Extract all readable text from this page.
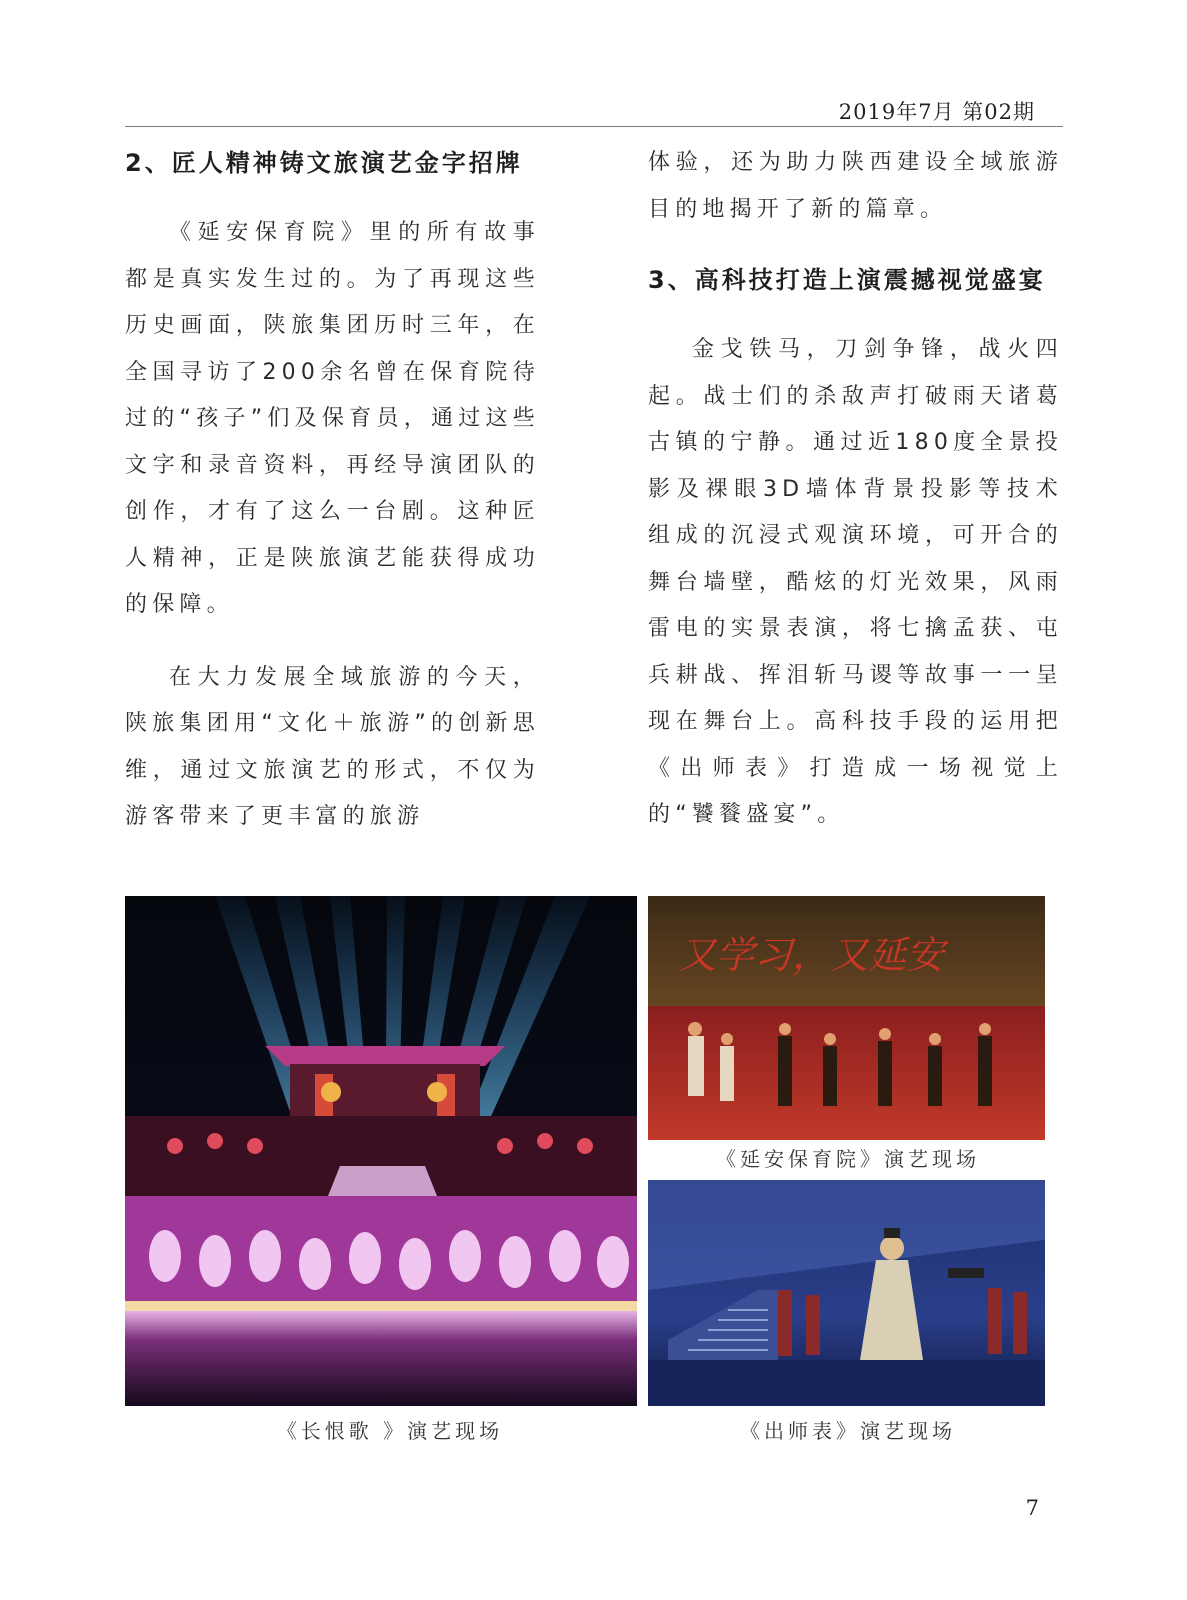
2019年7月 第02期
2、匠人精神铸文旅演艺金字招牌

《延安保育院》里的所有故事都是真实发生过的。为了再现这些历史画面，陕旅集团历时三年，在全国寻访了200余名曾在保育院待过的“孩子”们及保育员，通过这些文字和录音资料，再经导演团队的创作，才有了这么一台剧。这种匠人精神，正是陕旅演艺能获得成功的保障。

在大力发展全域旅游的今天，陕旅集团用“文化＋旅游”的创新思维，通过文旅演艺的形式，不仅为游客带来了更丰富的旅游

体验，还为助力陕西建设全域旅游目的地揭开了新的篇章。

3、高科技打造上演震撼视觉盛宴

金戈铁马，刀剑争锋，战火四起。战士们的杀敌声打破雨天诸葛古镇的宁静。通过近180度全景投影及裸眼3D墙体背景投影等技术组成的沉浸式观演环境，可开合的舞台墙壁，酷炫的灯光效果，风雨雷电的实景表演，将七擒孟获、屯兵耕战、挥泪斩马谡等故事一一呈现在舞台上。高科技手段的运用把《出师表》打造成一场视觉上的“饕餮盛宴”。

《长恨歌 》演艺现场
又学习，又延安
《延安保育院》演艺现场
《出师表》演艺现场
7
